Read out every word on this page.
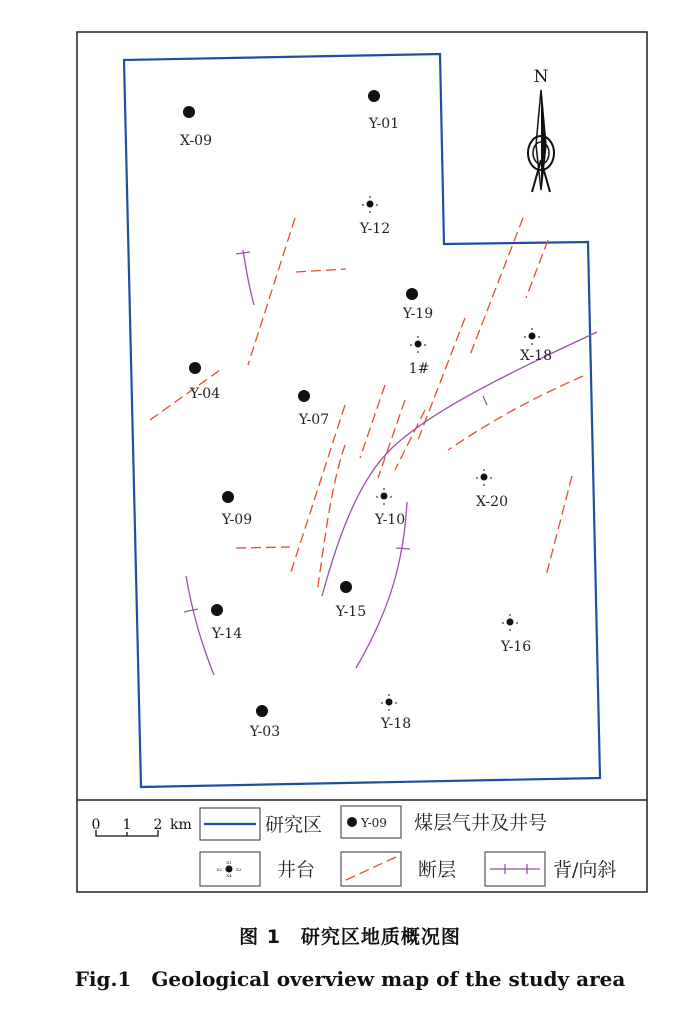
N
X-09
Y-01
Y-12
Y-19
1#
X-18
Y-04
Y-07
Y-09	Y-10
X-20
Y-15
Y-14
Y-16
Y-03	Y-18
0 1 2 km	研究区	Y-09 煤层气井及井号
X1
X3
X2
X4 井台	断层	背/向斜
图 1　研究区地质概况图
Fig.1　Geological overview map of the study area
